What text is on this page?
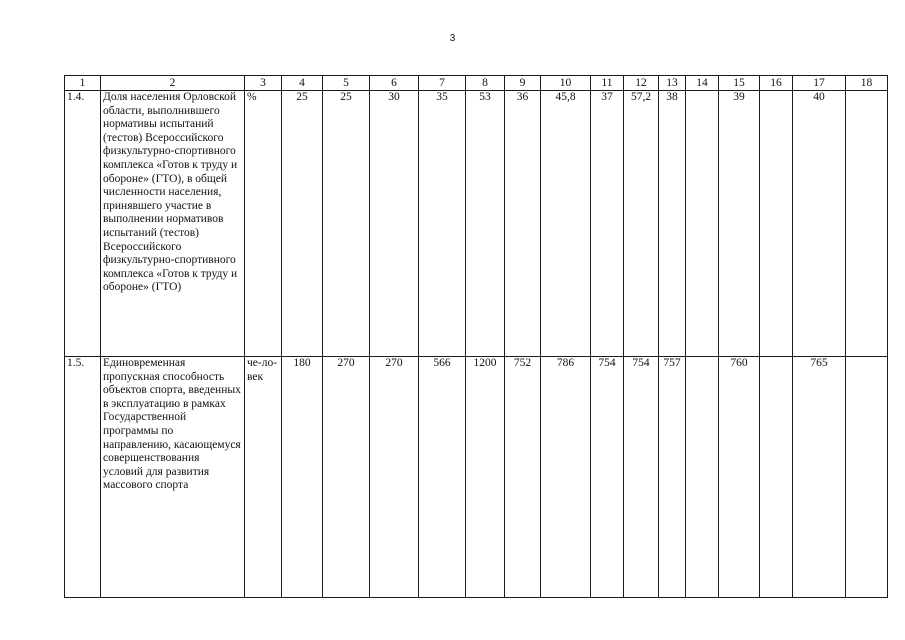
3
1	2	3	4	5	6	7	8	9	10	11	12	13	14	15	16	17	18
1.4.	Доля населения Орловской области, выполнившего нормативы испытаний (тестов) Всероссийского физкультурно-спортивного комплекса «Готов к труду и обороне» (ГТО), в общей численности населения, принявшего участие в выполнении нормативов испытаний (тестов) Всероссийского физкультурно-спортивного комплекса «Готов к труду и обороне» (ГТО)	%	25	25	30	35	53	36	45,8	37	57,2	38		39		40	
1.5.	Единовременная пропускная способность объектов спорта, введенных в эксплуатацию в рамках Государственной программы по направлению, касающемуся совершенствования условий для развития массового спорта	че-ло-век	180	270	270	566	1200	752	786	754	754	757		760		765	
